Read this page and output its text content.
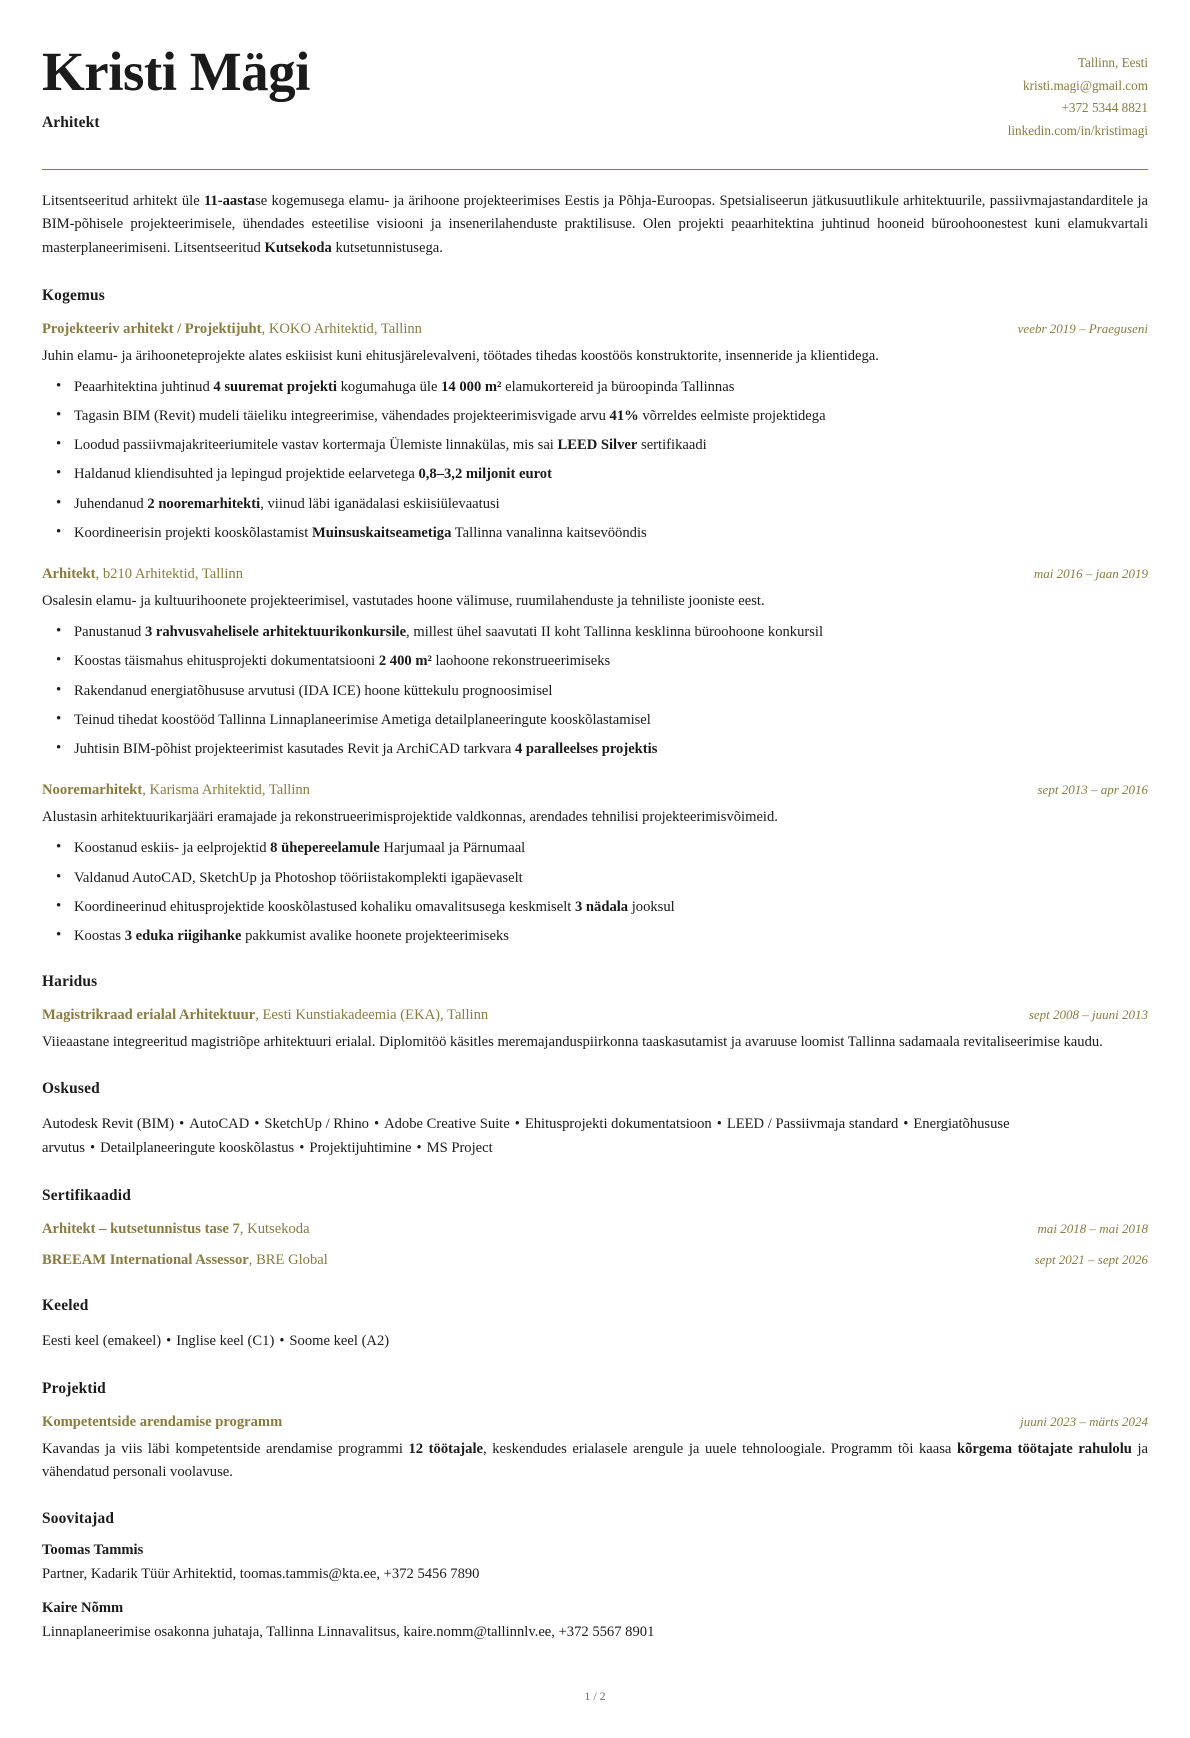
Kristi Mägi
Arhitekt
Tallinn, Eesti
kristi.magi@gmail.com
+372 5344 8821
linkedin.com/in/kristimagi
Litsentseeritud arhitekt üle 11-aastase kogemusega elamu- ja ärihoone projekteerimises Eestis ja Põhja-Euroopas. Spetsialiseerun jätkusuutlikule arhitektuurile, passiivmajastandarditele ja BIM-põhisele projekteerimisele, ühendades esteetilise visiooni ja insenerilahenduste praktilisuse. Olen projekti peaarhitektina juhtinud hooneid büroohoonestest kuni elamukvartali masterplaneerimiseni. Litsentseeritud Kutsekoda kutsetunnistusega.
Kogemus
Projekteeriv arhitekt / Projektijuht, KOKO Arhitektid, Tallinn	veebr 2019 – Praeguseni
Juhin elamu- ja ärihooneteprojekte alates eskiisist kuni ehitusjärelevalveni, töötades tihedas koostöös konstruktorite, insenneride ja klientidega.
• Peaarhitektina juhtinud 4 suuremat projekti kogumahuga üle 14 000 m² elamukortereid ja büroopinda Tallinnas
• Tagasin BIM (Revit) mudeli täieliku integreerimise, vähendades projekteerimisvigade arvu 41% võrreldes eelmiste projektidega
• Loodud passiivmajakriteeriumitele vastav kortermaja Ülemiste linnakülas, mis sai LEED Silver sertifikaadi
• Haldanud kliendisuhted ja lepingud projektide eelarvetega 0,8–3,2 miljonit eurot
• Juhendanud 2 nooremarhitekti, viinud läbi iganädalasi eskiisiülevaatusi
• Koordineerisin projekti kooskõlastamist Muinsuskaitseametiga Tallinna vanalinna kaitsevööndis
Arhitekt, b210 Arhitektid, Tallinn	mai 2016 – jaan 2019
Osalesin elamu- ja kultuurihoonete projekteerimisel, vastutades hoone välimuse, ruumilahenduste ja tehniliste jooniste eest.
• Panustanud 3 rahvusvahelisele arhitektuurikonkursile, millest ühel saavutati II koht Tallinna kesklinna büroohoone konkursil
• Koostas täismahus ehitusprojekti dokumentatsiooni 2 400 m² laohoone rekonstrueerimiseks
• Rakendanud energiatõhususe arvutusi (IDA ICE) hoone küttekulu prognoosimisel
• Teinud tihedat koostööd Tallinna Linnaplaneerimise Ametiga detailplaneeringute kooskõlastamisel
• Juhtisin BIM-põhist projekteerimist kasutades Revit ja ArchiCAD tarkvara 4 paralleelses projektis
Nooremarhitekt, Karisma Arhitektid, Tallinn	sept 2013 – apr 2016
Alustasin arhitektuurikarjääri eramajade ja rekonstrueerimisprojektide valdkonnas, arendades tehnilisi projekteerimisvõimeid.
• Koostanud eskiis- ja eelprojektid 8 ühepereelamule Harjumaal ja Pärnumaal
• Valdanud AutoCAD, SketchUp ja Photoshop tööriistakomplekti igapäevaselt
• Koordineerinud ehitusprojektide kooskõlastused kohaliku omavalitsusega keskmiselt 3 nädala jooksul
• Koostas 3 eduka riigihanke pakkumist avalike hoonete projekteerimiseks
Haridus
Magistrikraad erialal Arhitektuur, Eesti Kunstiakadeemia (EKA), Tallinn	sept 2008 – juuni 2013
Viieaastane integreeritud magistriõpe arhitektuuri erialal. Diplomitöö käsitles meremajanduspiirkonna taaskasutamist ja avaruuse loomist Tallinna sadamaala revitaliseerimise kaudu.
Oskused
Autodesk Revit (BIM) • AutoCAD • SketchUp / Rhino • Adobe Creative Suite • Ehitusprojekti dokumentatsioon • LEED / Passiivmaja standard • Energiatõhususe arvutus • Detailplaneeringute kooskõlastus • Projektijuhtimine • MS Project
Sertifikaadid
Arhitekt – kutsetunnistus tase 7, Kutsekoda	mai 2018 – mai 2018
BREEAM International Assessor, BRE Global	sept 2021 – sept 2026
Keeled
Eesti keel (emakeel) • Inglise keel (C1) • Soome keel (A2)
Projektid
Kompetentside arendamise programm	juuni 2023 – märts 2024
Kavandas ja viis läbi kompetentside arendamise programmi 12 töötajale, keskendudes erialasele arengule ja uuele tehnoloogiale. Programm tõi kaasa kõrgema töötajate rahulolu ja vähendatud personali voolavuse.
Soovitajad
Toomas Tammis
Partner, Kadarik Tüür Arhitektid, toomas.tammis@kta.ee, +372 5456 7890
Kaire Nõmm
Linnaplaneerimise osakonna juhataja, Tallinna Linnavalitsus, kaire.nomm@tallinnlv.ee, +372 5567 8901
1 / 2
